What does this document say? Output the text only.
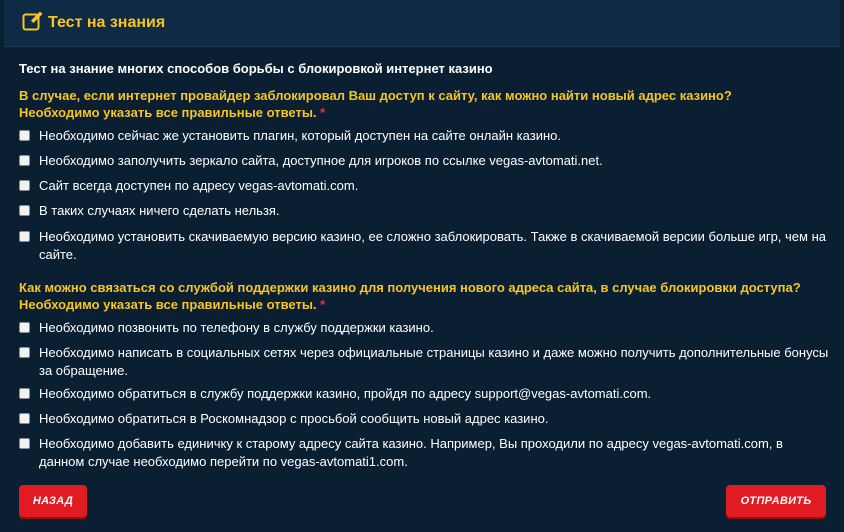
Тест на знания
Тест на знание многих способов борьбы с блокировкой интернет казино
В случае, если интернет провайдер заблокировал Ваш доступ к сайту, как можно найти новый адрес казино? Необходимо указать все правильные ответы. *
Необходимо сейчас же установить плагин, который доступен на сайте онлайн казино.
Необходимо заполучить зеркало сайта, доступное для игроков по ссылке vegas-avtomati.net.
Сайт всегда доступен по адресу vegas-avtomati.com.
В таких случаях ничего сделать нельзя.
Необходимо установить скачиваемую версию казино, ее сложно заблокировать. Также в скачиваемой версии больше игр, чем на сайте.
Как можно связаться со службой поддержки казино для получения нового адреса сайта, в случае блокировки доступа? Необходимо указать все правильные ответы. *
Необходимо позвонить по телефону в службу поддержки казино.
Необходимо написать в социальных сетях через официальные страницы казино и даже можно получить дополнительные бонусы за обращение.
Необходимо обратиться в службу поддержки казино, пройдя по адресу support@vegas-avtomati.com.
Необходимо обратиться в Роскомнадзор с просьбой сообщить новый адрес казино.
Необходимо добавить единичку к старому адресу сайта казино. Например, Вы проходили по адресу vegas-avtomati.com, в данном случае необходимо перейти по vegas-avtomati1.com.
НАЗАД	ОТПРАВИТЬ
